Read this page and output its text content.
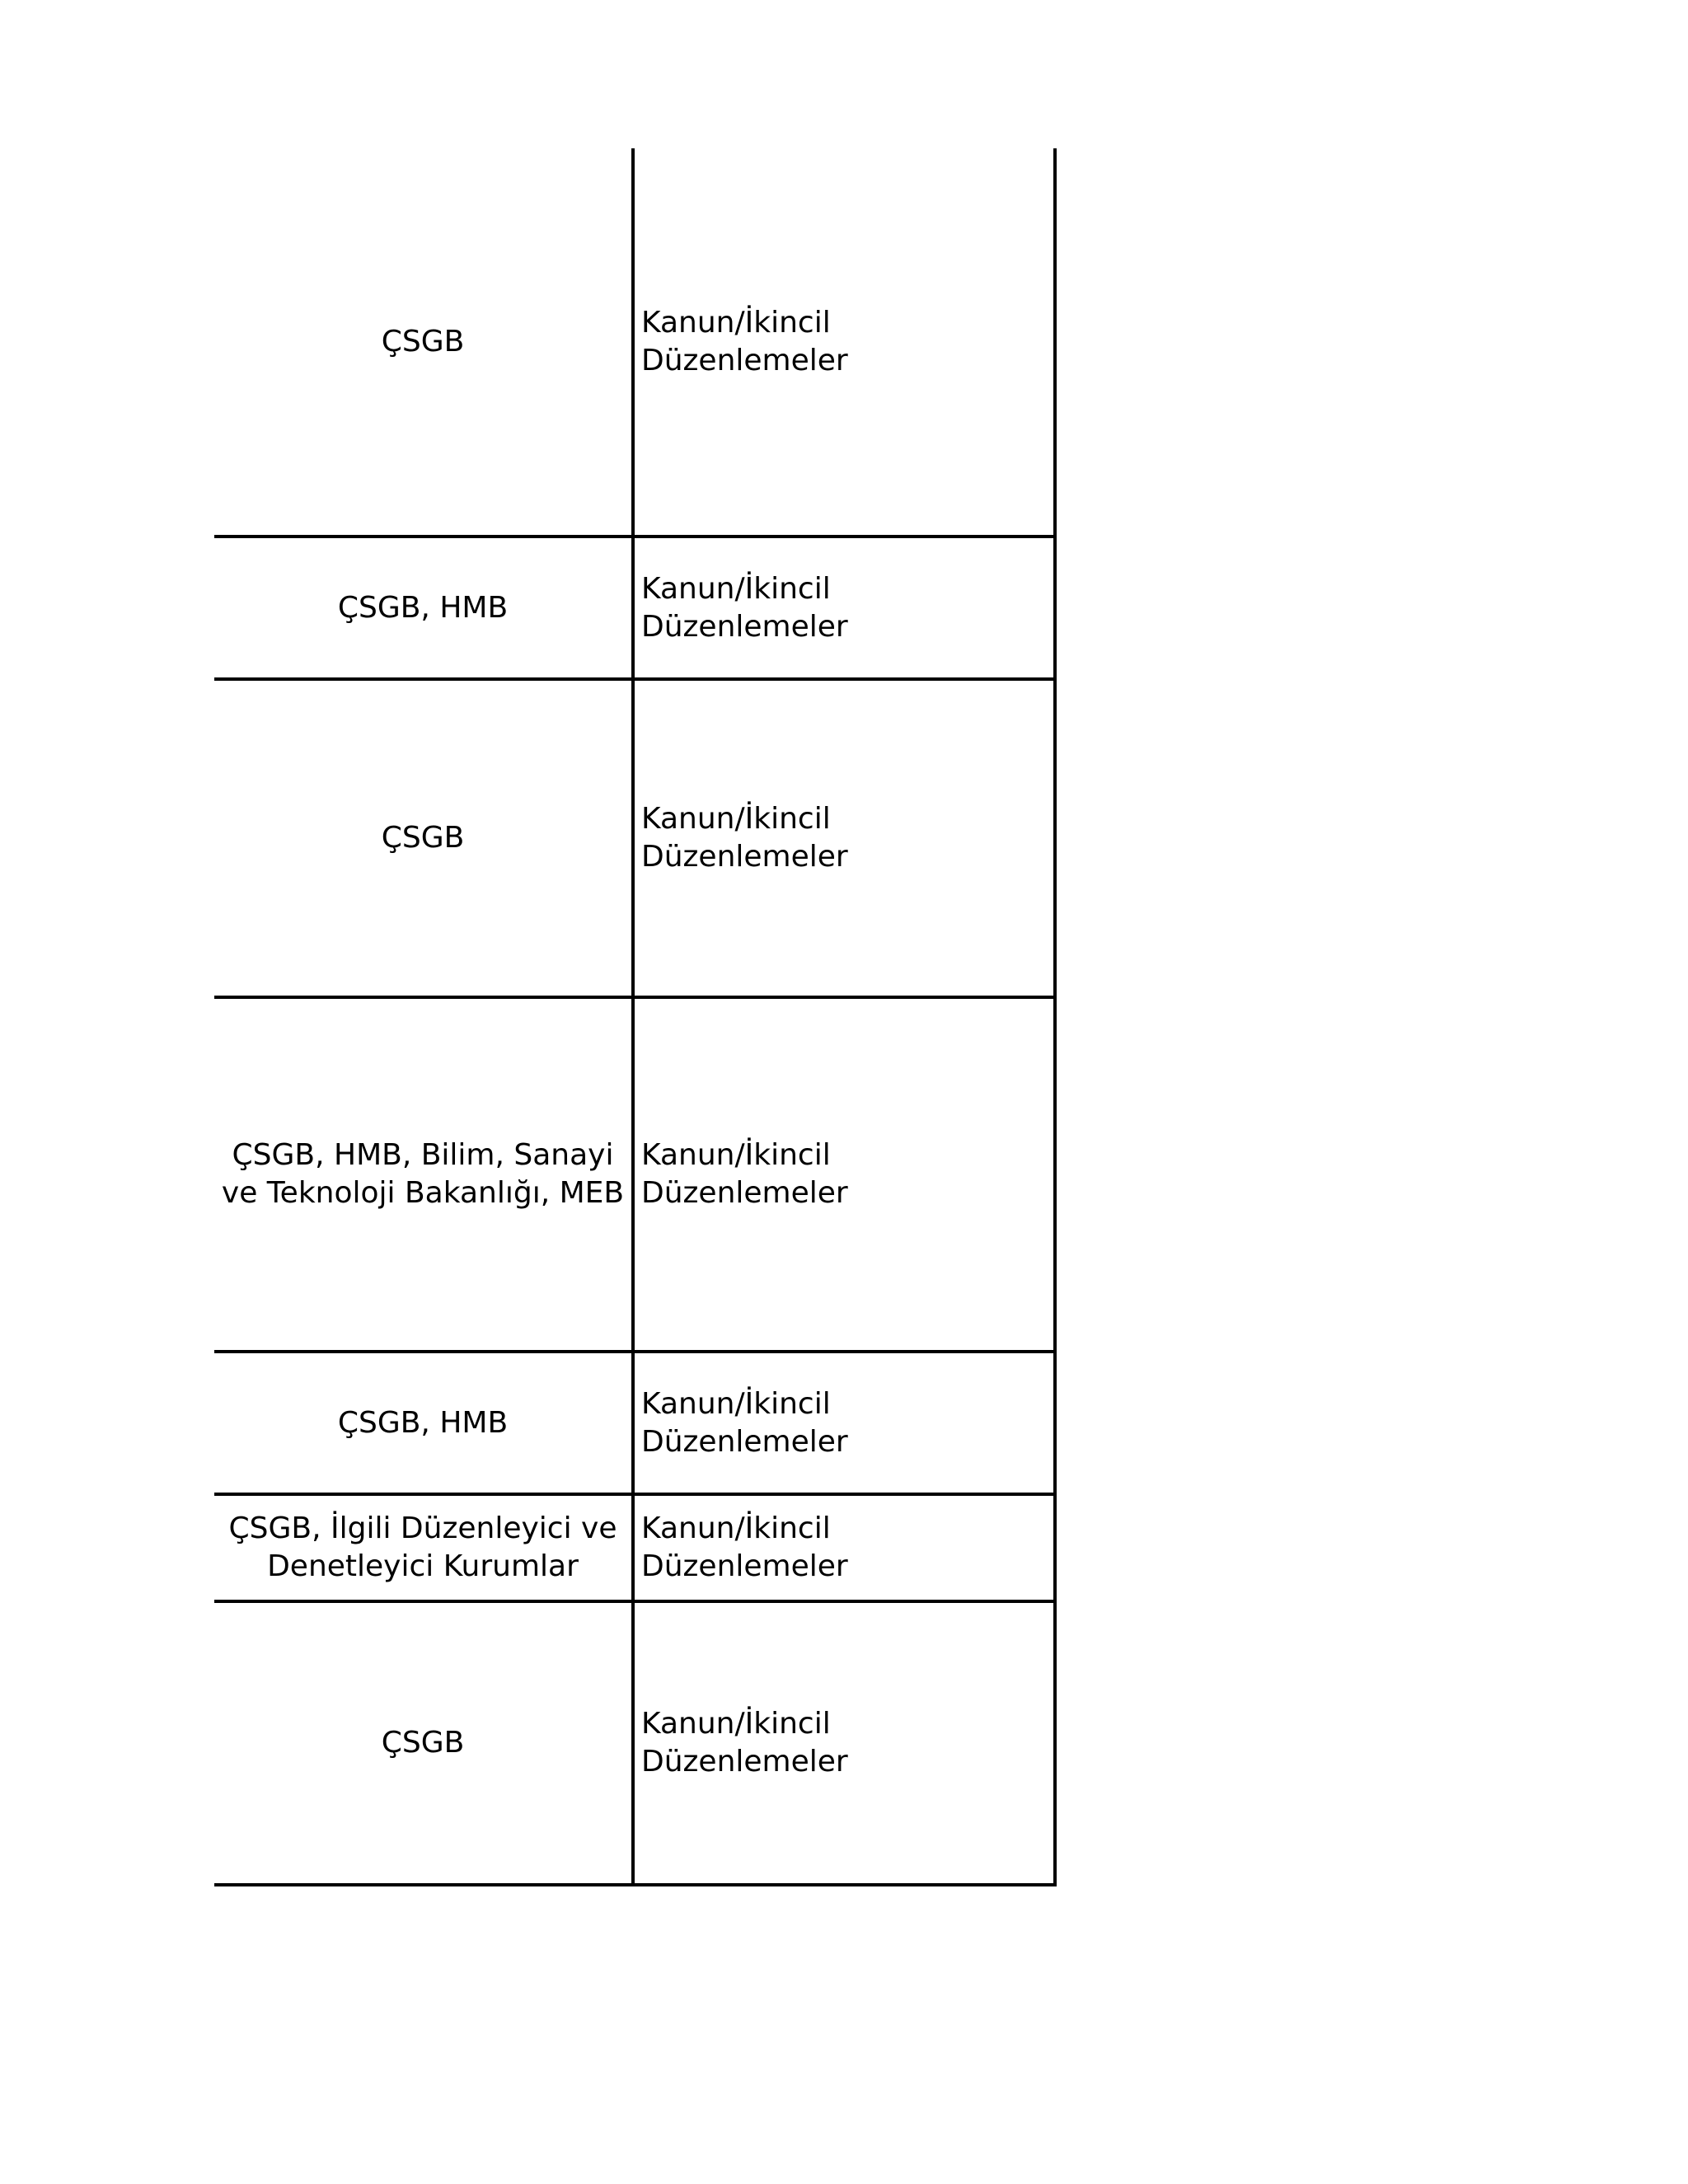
ÇSGB
Kanun/İkincil Düzenlemeler
ÇSGB, HMB
Kanun/İkincil Düzenlemeler
ÇSGB
Kanun/İkincil Düzenlemeler
ÇSGB, HMB, Bilim, Sanayi ve Teknoloji Bakanlığı, MEB
Kanun/İkincil Düzenlemeler
ÇSGB, HMB
Kanun/İkincil Düzenlemeler
ÇSGB, İlgili Düzenleyici ve Denetleyici Kurumlar
Kanun/İkincil Düzenlemeler
ÇSGB
Kanun/İkincil Düzenlemeler
